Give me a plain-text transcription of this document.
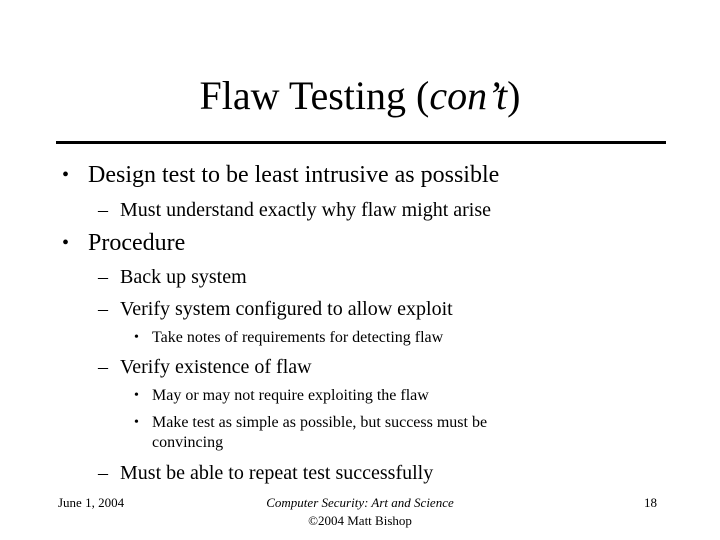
Flaw Testing (con’t)
• Design test to be least intrusive as possible
– Must understand exactly why flaw might arise
• Procedure
– Back up system
– Verify system configured to allow exploit
• Take notes of requirements for detecting flaw
– Verify existence of flaw
• May or may not require exploiting the flaw
• Make test as simple as possible, but success must be
convincing
– Must be able to repeat test successfully
June 1, 2004	Computer Security: Art and Science
©2004 Matt Bishop
18
